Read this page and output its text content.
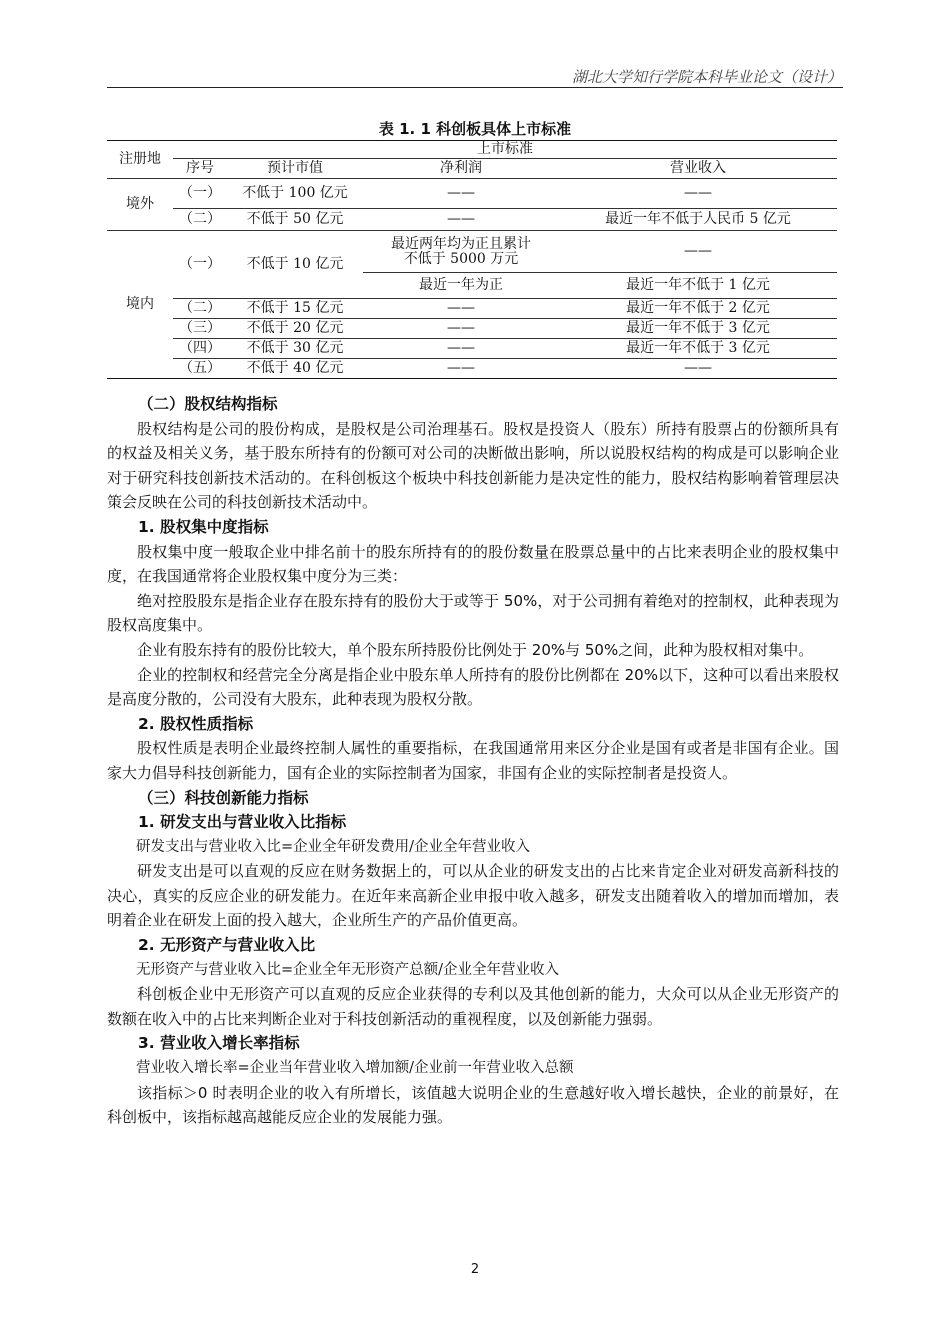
湖北大学知行学院本科毕业论文（设计）
表 1. 1 科创板具体上市标准
注册地	上市标准			
	序号	预计市值	净利润	营业收入
境外	（一）	不低于 100 亿元	——	——
	（二）	不低于 50 亿元	——	最近一年不低于人民币 5 亿元
境内	（一）	不低于 10 亿元	最近两年均为正且累计不低于 5000 万元	——
			最近一年为正	最近一年不低于 1 亿元
	（二）	不低于 15 亿元	——	最近一年不低于 2 亿元
	（三）	不低于 20 亿元	——	最近一年不低于 3 亿元
	（四）	不低于 30 亿元	——	最近一年不低于 3 亿元
	（五）	不低于 40 亿元	——	——

（二）股权结构指标

股权结构是公司的股份构成，是股权是公司治理基石。股权是投资人（股东）所持有股票占的份额所具有的权益及相关义务，基于股东所持有的份额可对公司的决断做出影响，所以说股权结构的构成是可以影响企业对于研究科技创新技术活动的。在科创板这个板块中科技创新能力是决定性的能力，股权结构影响着管理层决策会反映在公司的科技创新技术活动中。

1. 股权集中度指标

股权集中度一般取企业中排名前十的股东所持有的的股份数量在股票总量中的占比来表明企业的股权集中度，在我国通常将企业股权集中度分为三类：

绝对控股股东是指企业存在股东持有的股份大于或等于 50%，对于公司拥有着绝对的控制权，此种表现为股权高度集中。

企业有股东持有的股份比较大，单个股东所持股份比例处于 20%与 50%之间，此种为股权相对集中。

企业的控制权和经营完全分离是指企业中股东单人所持有的股份比例都在 20%以下，这种可以看出来股权是高度分散的，公司没有大股东，此种表现为股权分散。

2. 股权性质指标

股权性质是表明企业最终控制人属性的重要指标，在我国通常用来区分企业是国有或者是非国有企业。国家大力倡导科技创新能力，国有企业的实际控制者为国家，非国有企业的实际控制者是投资人。

（三）科技创新能力指标

1. 研发支出与营业收入比指标

研发支出与营业收入比=企业全年研发费用/企业全年营业收入

研发支出是可以直观的反应在财务数据上的，可以从企业的研发支出的占比来肯定企业对研发高新科技的决心，真实的反应企业的研发能力。在近年来高新企业申报中收入越多，研发支出随着收入的增加而增加，表明着企业在研发上面的投入越大，企业所生产的产品价值更高。

2. 无形资产与营业收入比

无形资产与营业收入比=企业全年无形资产总额/企业全年营业收入

科创板企业中无形资产可以直观的反应企业获得的专利以及其他创新的能力，大众可以从企业无形资产的数额在收入中的占比来判断企业对于科技创新活动的重视程度，以及创新能力强弱。

3. 营业收入增长率指标

营业收入增长率=企业当年营业收入增加额/企业前一年营业收入总额

该指标＞0 时表明企业的收入有所增长，该值越大说明企业的生意越好收入增长越快，企业的前景好，在科创板中，该指标越高越能反应企业的发展能力强。

2
